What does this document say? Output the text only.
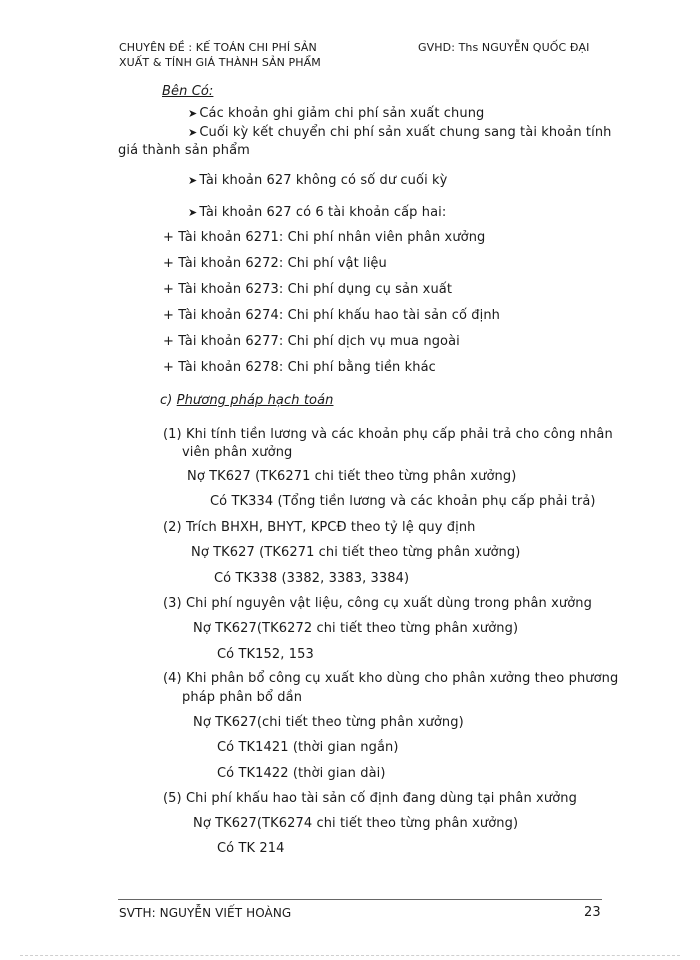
CHUYÊN ĐỀ : KẾ TOÁN CHI PHÍ SẢN
XUẤT & TÍNH GIÁ THÀNH SẢN PHẨM
GVHD: Ths NGUYỄN QUỐC ĐẠI
Bên Có:
➤ Các khoản ghi giảm chi phí sản xuất chung
➤ Cuối kỳ kết chuyển chi phí sản xuất chung sang tài khoản tính
giá thành sản phẩm
➤ Tài khoản 627 không có số dư cuối kỳ
➤ Tài khoản 627 có 6 tài khoản cấp hai:
+ Tài khoản 6271: Chi phí nhân viên phân xưởng
+ Tài khoản 6272: Chi phí vật liệu
+ Tài khoản 6273: Chi phí dụng cụ sản xuất
+ Tài khoản 6274: Chi phí khấu hao tài sản cố định
+ Tài khoản 6277: Chi phí dịch vụ mua ngoài
+ Tài khoản 6278: Chi phí bằng tiền khác
c) Phương pháp hạch toán
(1) Khi tính tiền lương và các khoản phụ cấp phải trả cho công nhân
viên phân xưởng
Nợ TK627 (TK6271 chi tiết theo từng phân xưởng)
Có TK334 (Tổng tiền lương và các khoản phụ cấp phải trả)
(2) Trích BHXH, BHYT, KPCĐ theo tỷ lệ quy định
Nợ TK627 (TK6271 chi tiết theo từng phân xưởng)
Có TK338 (3382, 3383, 3384)
(3) Chi phí nguyên vật liệu, công cụ xuất dùng trong phân xưởng
Nợ TK627(TK6272 chi tiết theo từng phân xưởng)
Có TK152, 153
(4) Khi phân bổ công cụ xuất kho dùng cho phân xưởng theo phương
pháp phân bổ dần
Nợ TK627(chi tiết theo từng phân xưởng)
Có TK1421 (thời gian ngắn)
Có TK1422 (thời gian dài)
(5) Chi phí khấu hao tài sản cố định đang dùng tại phân xưởng
Nợ TK627(TK6274 chi tiết theo từng phân xưởng)
Có TK 214
SVTH: NGUYỄN VIẾT HOÀNG	23
